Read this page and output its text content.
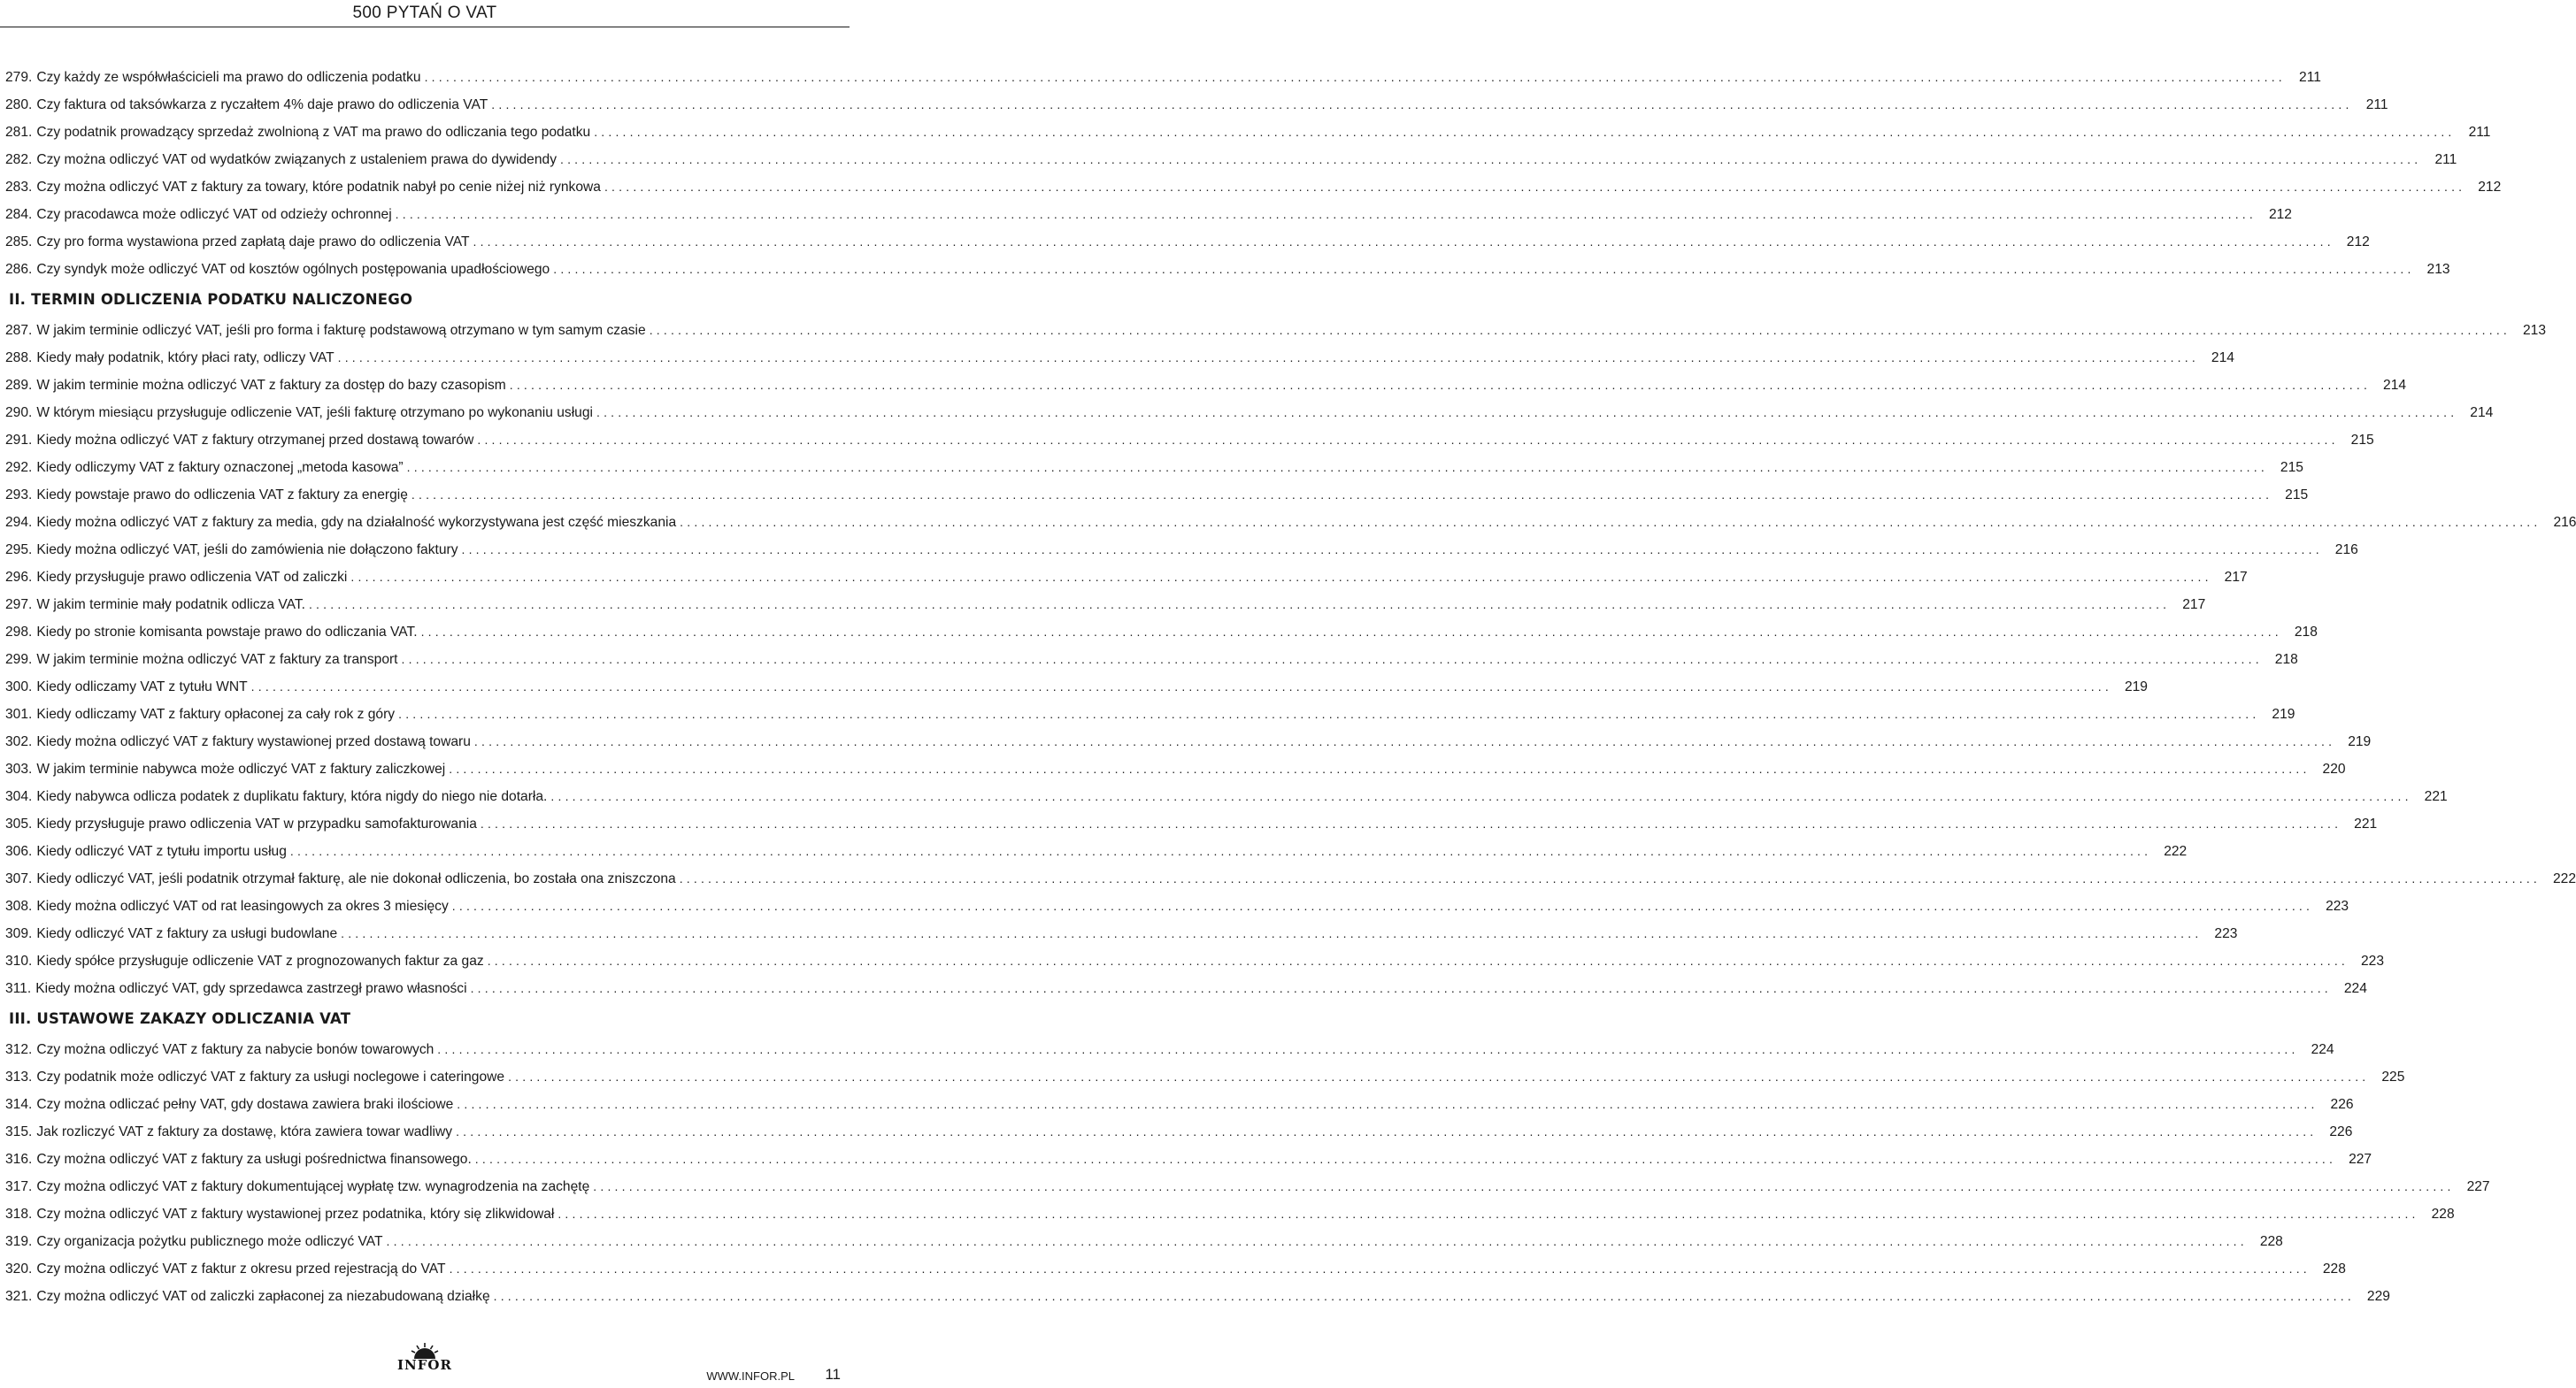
500 PYTAŃ O VAT
279. Czy każdy ze współwłaścicieli ma prawo do odliczenia podatku .....	211
280. Czy faktura od taksówkarza z ryczałtem 4% daje prawo do odliczenia VAT .....	211
281. Czy podatnik prowadzący sprzedaż zwolnioną z VAT ma prawo do odliczania tego podatku .....	211
282. Czy można odliczyć VAT od wydatków związanych z ustaleniem prawa do dywidendy .....	211
283. Czy można odliczyć VAT z faktury za towary, które podatnik nabył po cenie niżej niż rynkowa .....	212
284. Czy pracodawca może odliczyć VAT od odzieży ochronnej .....	212
285. Czy pro forma wystawiona przed zapłatą daje prawo do odliczenia VAT .....	212
286. Czy syndyk może odliczyć VAT od kosztów ogólnych postępowania upadłościowego .....	213
II. TERMIN ODLICZENIA PODATKU NALICZONEGO
287. W jakim terminie odliczyć VAT, jeśli pro forma i fakturę podstawową otrzymano w tym samym czasie .....	213
288. Kiedy mały podatnik, który płaci raty, odliczy VAT .....	214
289. W jakim terminie można odliczyć VAT z faktury za dostęp do bazy czasopism .....	214
290. W którym miesiącu przysługuje odliczenie VAT, jeśli fakturę otrzymano po wykonaniu usługi .....	214
291. Kiedy można odliczyć VAT z faktury otrzymanej przed dostawą towarów .....	215
292. Kiedy odliczymy VAT z faktury oznaczonej „metoda kasowa” .....	215
293. Kiedy powstaje prawo do odliczenia VAT z faktury za energię .....	215
294. Kiedy można odliczyć VAT z faktury za media, gdy na działalność wykorzystywana jest część mieszkania .....	216
295. Kiedy można odliczyć VAT, jeśli do zamówienia nie dołączono faktury .....	216
296. Kiedy przysługuje prawo odliczenia VAT od zaliczki .....	217
297. W jakim terminie mały podatnik odlicza VAT. .....	217
298. Kiedy po stronie komisanta powstaje prawo do odliczania VAT. .....	218
299. W jakim terminie można odliczyć VAT z faktury za transport .....	218
300. Kiedy odliczamy VAT z tytułu WNT .....	219
301. Kiedy odliczamy VAT z faktury opłaconej za cały rok z góry .....	219
302. Kiedy można odliczyć VAT z faktury wystawionej przed dostawą towaru .....	219
303. W jakim terminie nabywca może odliczyć VAT z faktury zaliczkowej .....	220
304. Kiedy nabywca odlicza podatek z duplikatu faktury, która nigdy do niego nie dotarła. .....	221
305. Kiedy przysługuje prawo odliczenia VAT w przypadku samofakturowania .....	221
306. Kiedy odliczyć VAT z tytułu importu usług .....	222
307. Kiedy odliczyć VAT, jeśli podatnik otrzymał fakturę, ale nie dokonał odliczenia, bo została ona zniszczona .....	222
308. Kiedy można odliczyć VAT od rat leasingowych za okres 3 miesięcy .....	223
309. Kiedy odliczyć VAT z faktury za usługi budowlane .....	223
310. Kiedy spółce przysługuje odliczenie VAT z prognozowanych faktur za gaz .....	223
311. Kiedy można odliczyć VAT, gdy sprzedawca zastrzegł prawo własności .....	224
III. USTAWOWE ZAKAZY ODLICZANIA VAT
312. Czy można odliczyć VAT z faktury za nabycie bonów towarowych .....	224
313. Czy podatnik może odliczyć VAT z faktury za usługi noclegowe i cateringowe .....	225
314. Czy można odliczać pełny VAT, gdy dostawa zawiera braki ilościowe .....	226
315. Jak rozliczyć VAT z faktury za dostawę, która zawiera towar wadliwy .....	226
316. Czy można odliczyć VAT z faktury za usługi pośrednictwa finansowego. .....	227
317. Czy można odliczyć VAT z faktury dokumentującej wypłatę tzw. wynagrodzenia na zachętę .....	227
318. Czy można odliczyć VAT z faktury wystawionej przez podatnika, który się zlikwidował .....	228
319. Czy organizacja pożytku publicznego może odliczyć VAT .....	228
320. Czy można odliczyć VAT z faktur z okresu przed rejestracją do VAT .....	228
321. Czy można odliczyć VAT od zaliczki zapłaconej za niezabudowaną działkę .....	229
INFOR
WWW.INFOR.PL 11
